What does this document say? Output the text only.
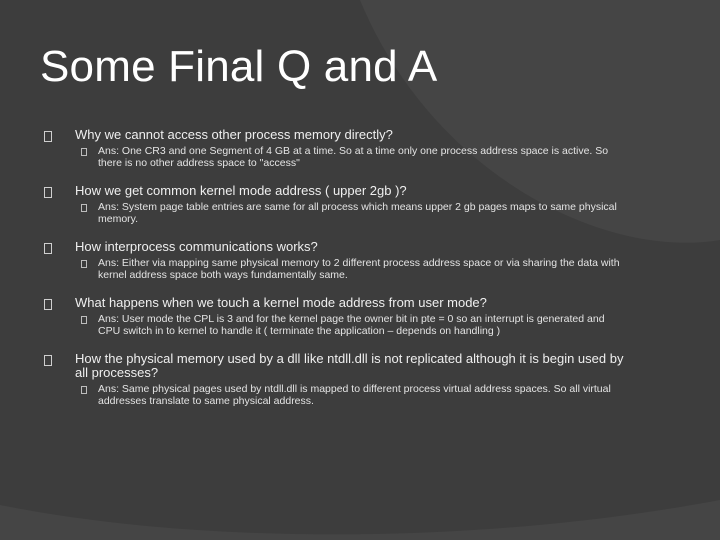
Some Final Q and A
Why we cannot access other process memory directly?
Ans: One CR3 and one Segment of 4 GB at a time. So at a time only one process address space is active. So there is no other address space to "access"
How we get common kernel mode address ( upper 2gb )?
Ans: System page table entries are same for all process which means upper 2 gb pages maps to same physical memory.
How interprocess communications works?
Ans: Either via mapping same physical memory to 2 different process address space or via sharing the data with kernel address space both ways fundamentally same.
What happens when we touch a kernel mode address from user mode?
Ans: User mode the CPL is 3 and for the kernel page the owner bit in pte = 0 so an interrupt is generated and CPU switch in to kernel to handle it ( terminate the application – depends on handling )
How the physical memory used by a dll like ntdll.dll is not replicated although it is begin used by all processes?
Ans: Same physical pages used by ntdll.dll is mapped to different process virtual address spaces. So all virtual addresses translate to same physical address.
